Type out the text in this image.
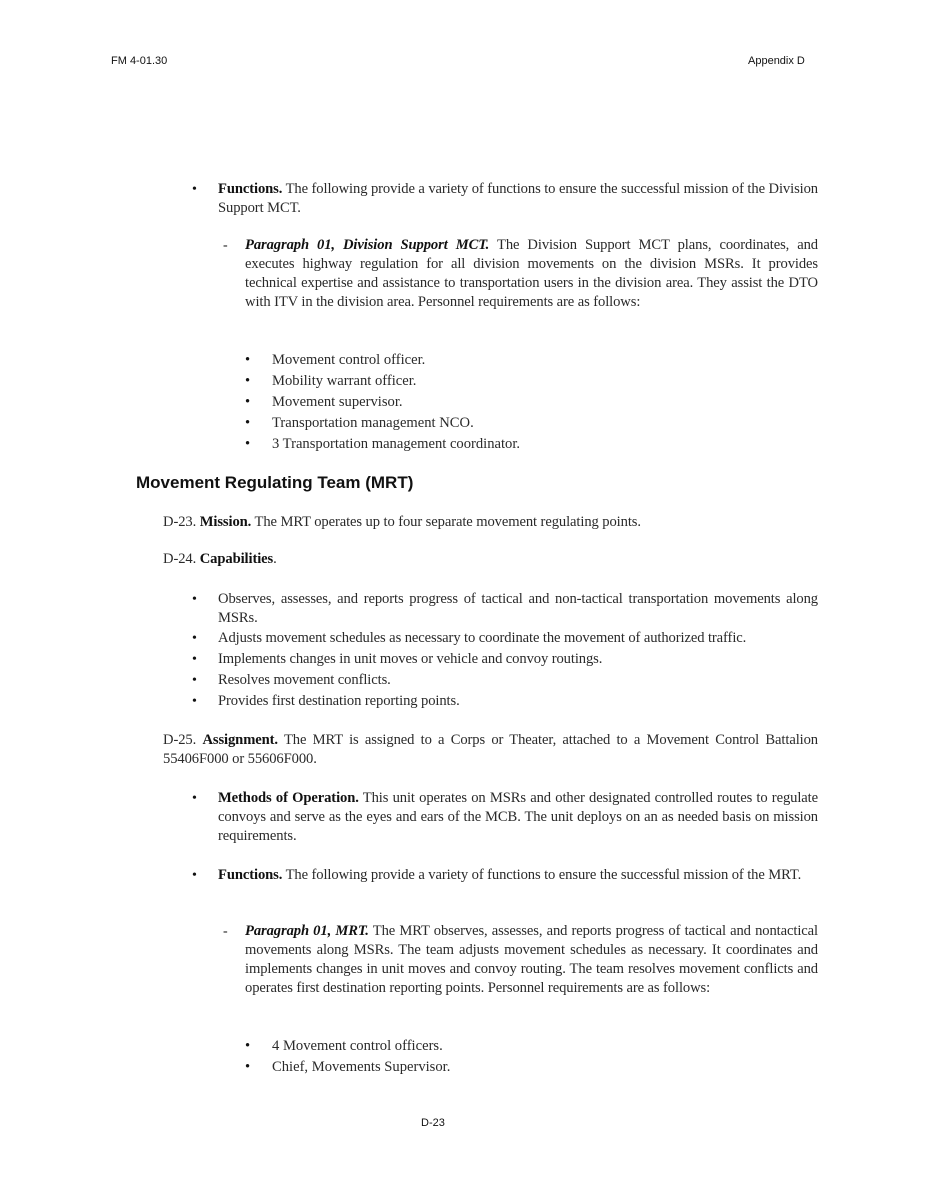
FM 4-01.30	Appendix D
• Functions. The following provide a variety of functions to ensure the successful mission of the Division Support MCT.
- Paragraph 01, Division Support MCT. The Division Support MCT plans, coordinates, and executes highway regulation for all division movements on the division MSRs. It provides technical expertise and assistance to transportation users in the division area. They assist the DTO with ITV in the division area. Personnel requirements are as follows:
• Movement control officer.
• Mobility warrant officer.
• Movement supervisor.
• Transportation management NCO.
• 3 Transportation management coordinator.
Movement Regulating Team (MRT)
D-23. Mission. The MRT operates up to four separate movement regulating points.
D-24. Capabilities.
• Observes, assesses, and reports progress of tactical and non-tactical transportation movements along MSRs.
• Adjusts movement schedules as necessary to coordinate the movement of authorized traffic.
• Implements changes in unit moves or vehicle and convoy routings.
• Resolves movement conflicts.
• Provides first destination reporting points.
D-25. Assignment. The MRT is assigned to a Corps or Theater, attached to a Movement Control Battalion 55406F000 or 55606F000.
• Methods of Operation. This unit operates on MSRs and other designated controlled routes to regulate convoys and serve as the eyes and ears of the MCB. The unit deploys on an as needed basis on mission requirements.
• Functions. The following provide a variety of functions to ensure the successful mission of the MRT.
- Paragraph 01, MRT. The MRT observes, assesses, and reports progress of tactical and nontactical movements along MSRs. The team adjusts movement schedules as necessary. It coordinates and implements changes in unit moves and convoy routing. The team resolves movement conflicts and operates first destination reporting points. Personnel requirements are as follows:
• 4 Movement control officers.
• Chief, Movements Supervisor.
D-23
